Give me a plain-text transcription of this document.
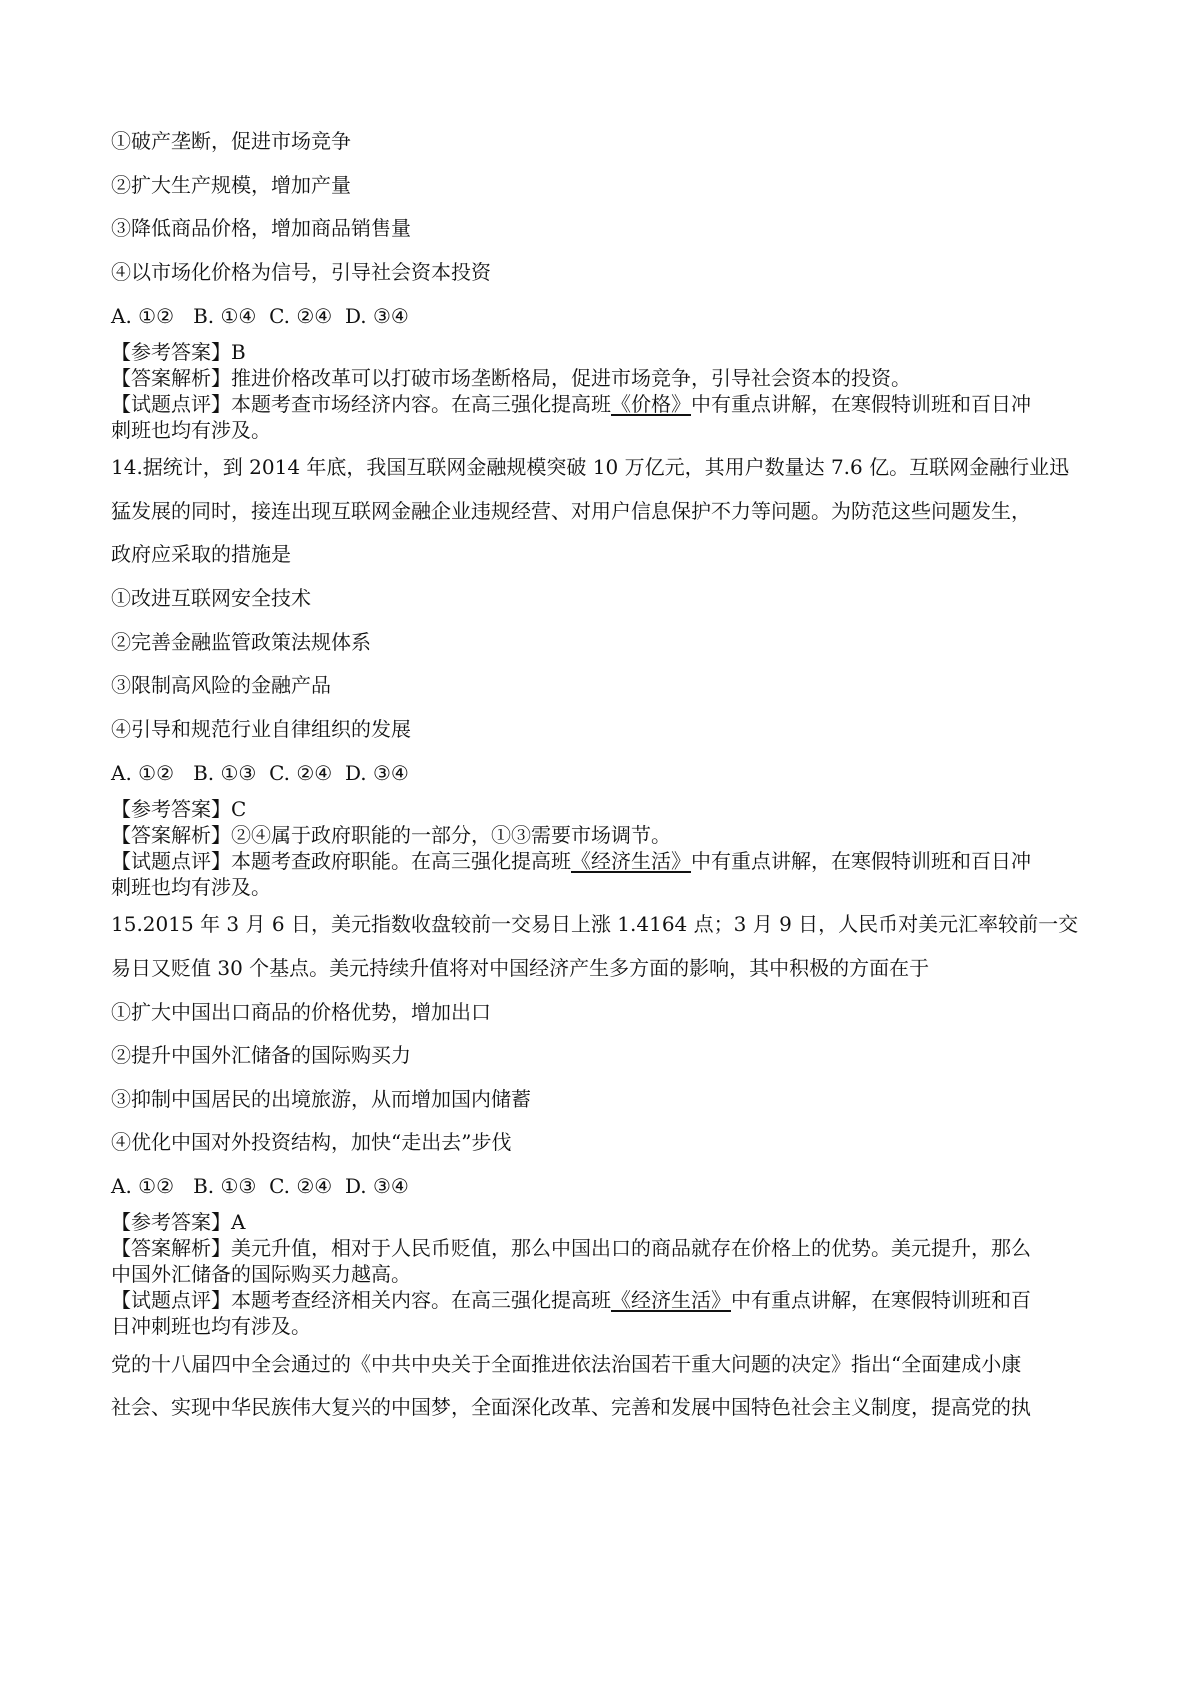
①破产垄断，促进市场竞争
②扩大生产规模，增加产量
③降低商品价格，增加商品销售量
④以市场化价格为信号，引导社会资本投资
A. ①②   B. ①④  C. ②④  D. ③④
【参考答案】B
【答案解析】推进价格改革可以打破市场垄断格局，促进市场竞争，引导社会资本的投资。
【试题点评】本题考查市场经济内容。在高三强化提高班《价格》中有重点讲解，在寒假特训班和百日冲
刺班也均有涉及。
14.据统计，到 2014 年底，我国互联网金融规模突破 10 万亿元，其用户数量达 7.6 亿。互联网金融行业迅
猛发展的同时，接连出现互联网金融企业违规经营、对用户信息保护不力等问题。为防范这些问题发生，
政府应采取的措施是
①改进互联网安全技术
②完善金融监管政策法规体系
③限制高风险的金融产品
④引导和规范行业自律组织的发展
A. ①②   B. ①③  C. ②④  D. ③④
【参考答案】C
【答案解析】②④属于政府职能的一部分，①③需要市场调节。
【试题点评】本题考查政府职能。在高三强化提高班《经济生活》中有重点讲解，在寒假特训班和百日冲
刺班也均有涉及。
15.2015 年 3 月 6 日，美元指数收盘较前一交易日上涨 1.4164 点；3 月 9 日，人民币对美元汇率较前一交
易日又贬值 30 个基点。美元持续升值将对中国经济产生多方面的影响，其中积极的方面在于
①扩大中国出口商品的价格优势，增加出口
②提升中国外汇储备的国际购买力
③抑制中国居民的出境旅游，从而增加国内储蓄
④优化中国对外投资结构，加快“走出去”步伐
A. ①②   B. ①③  C. ②④  D. ③④
【参考答案】A
【答案解析】美元升值，相对于人民币贬值，那么中国出口的商品就存在价格上的优势。美元提升，那么
中国外汇储备的国际购买力越高。
【试题点评】本题考查经济相关内容。在高三强化提高班《经济生活》中有重点讲解，在寒假特训班和百
日冲刺班也均有涉及。
党的十八届四中全会通过的《中共中央关于全面推进依法治国若干重大问题的决定》指出“全面建成小康
社会、实现中华民族伟大复兴的中国梦，全面深化改革、完善和发展中国特色社会主义制度，提高党的执
